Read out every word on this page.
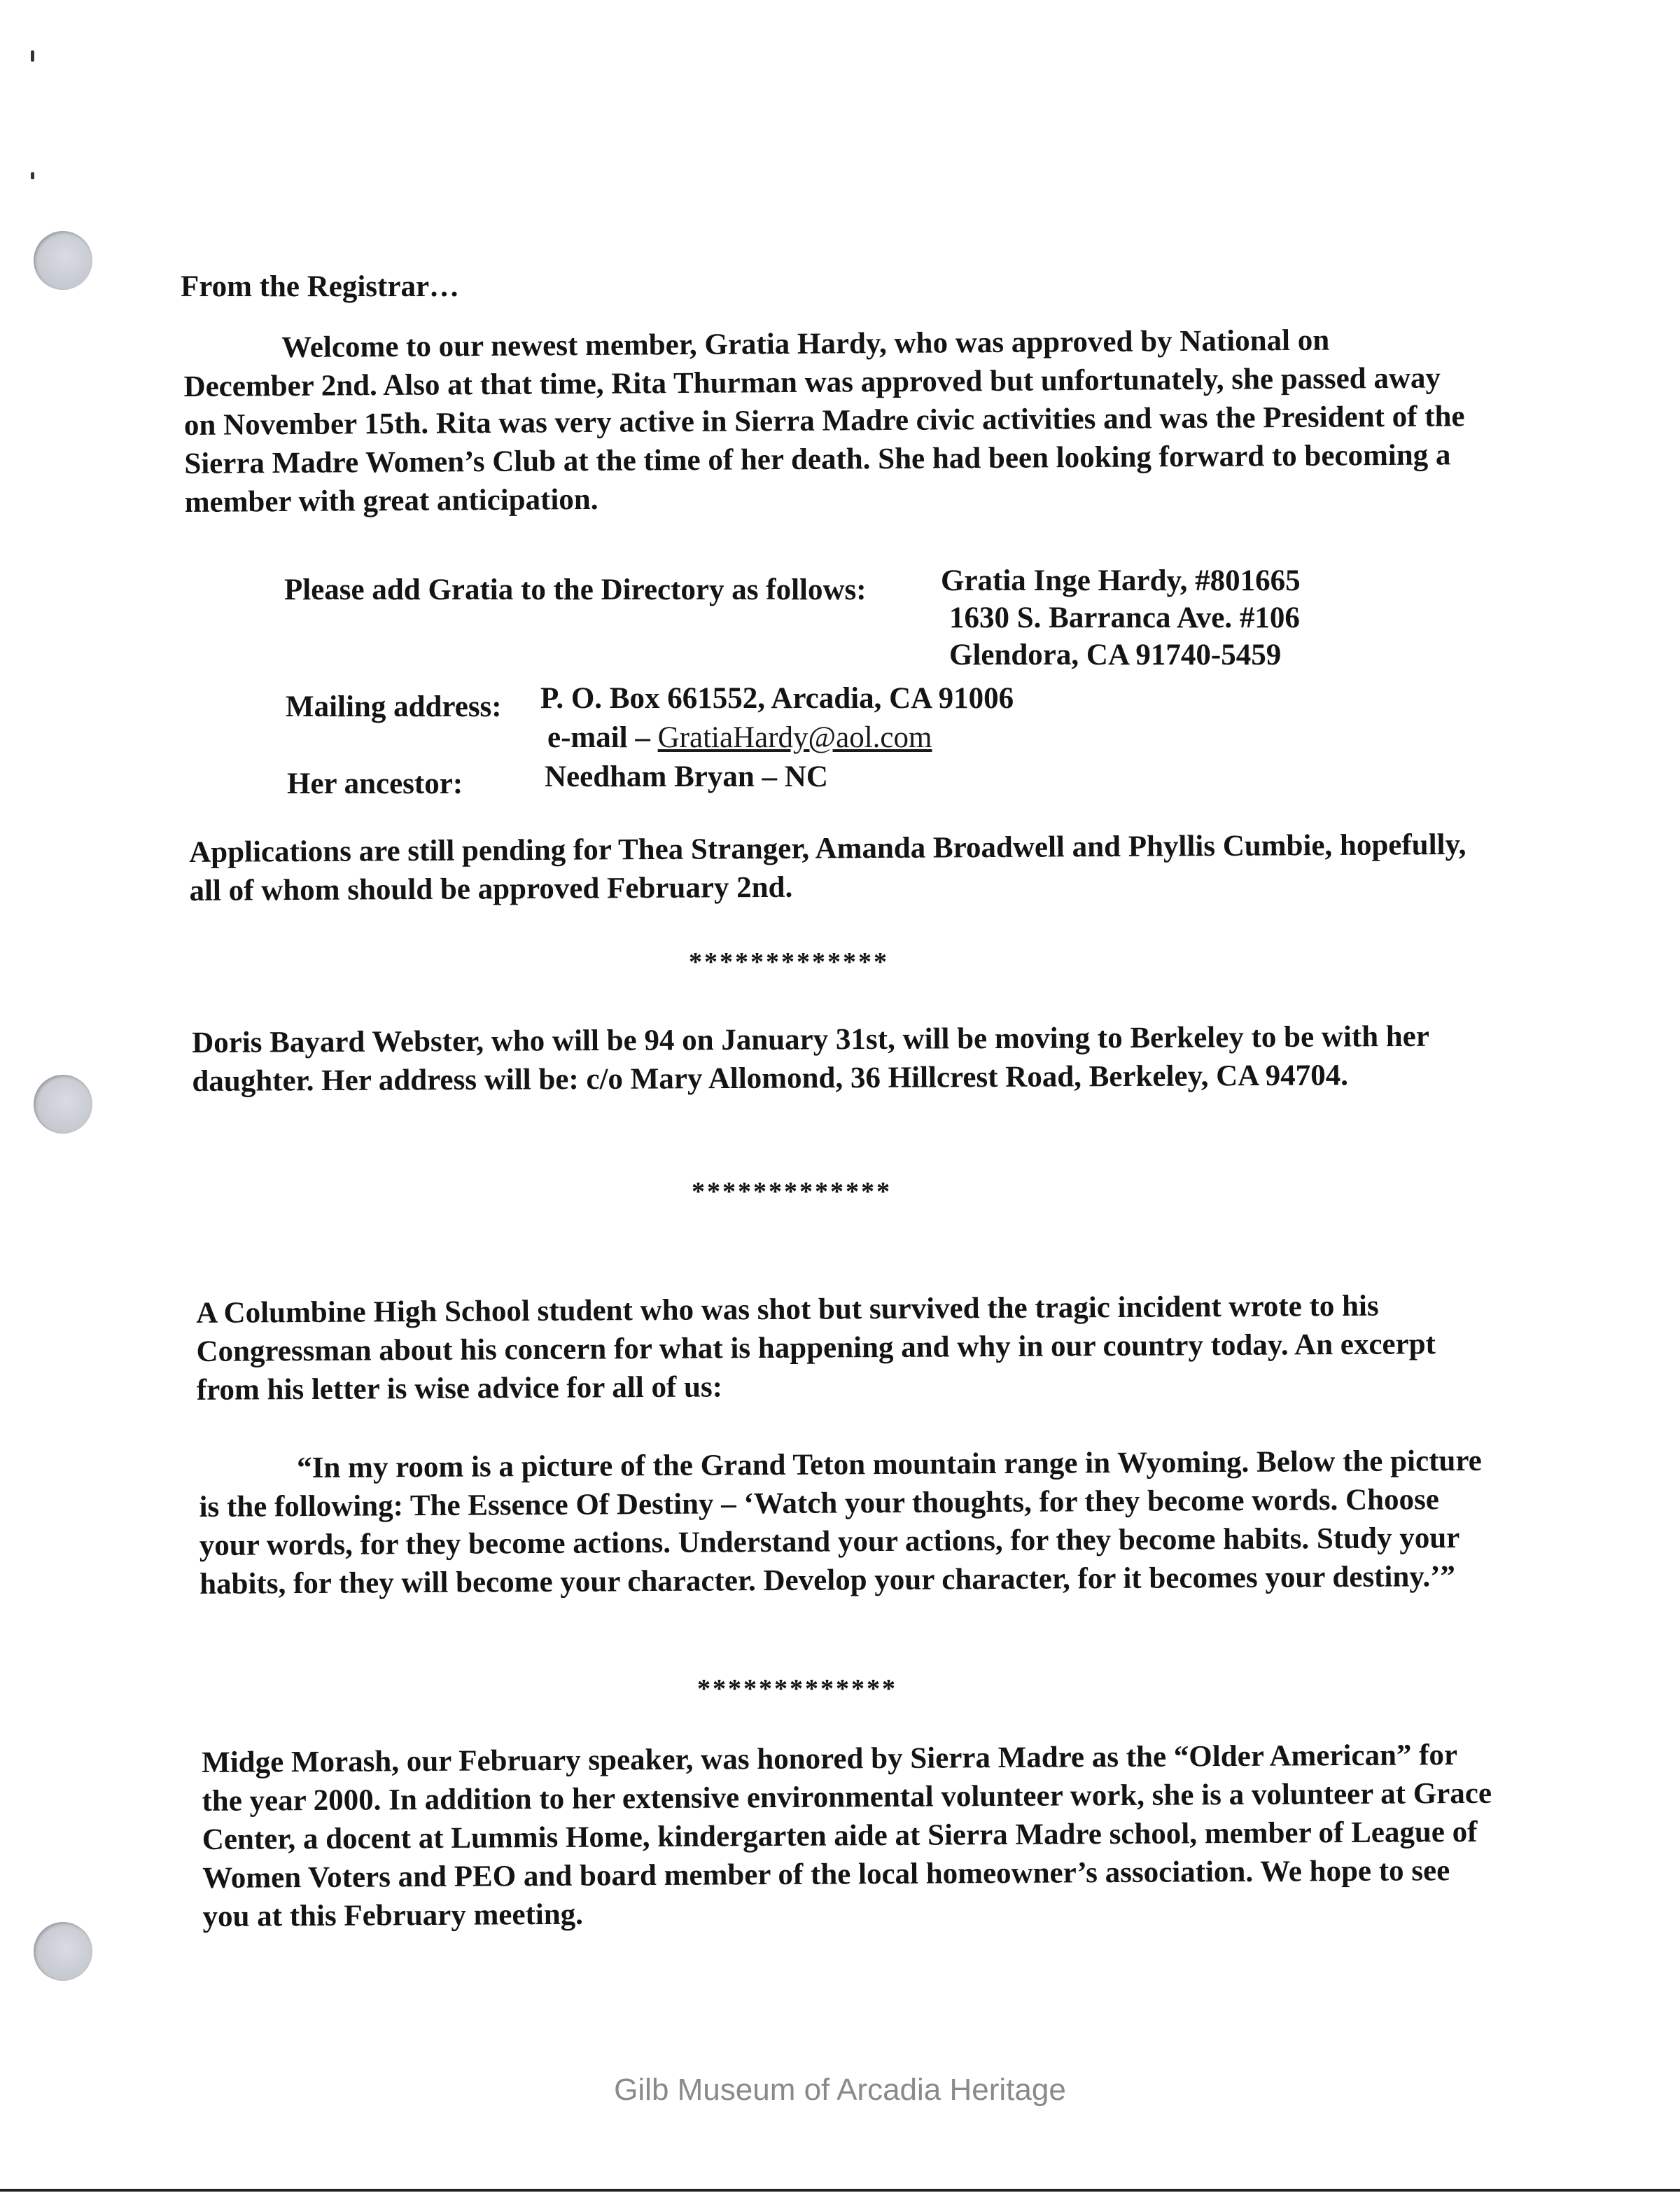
From the Registrar…
Welcome to our newest member, Gratia Hardy, who was approved by National on December 2nd. Also at that time, Rita Thurman was approved but unfortunately, she passed away on November 15th. Rita was very active in Sierra Madre civic activities and was the President of the Sierra Madre Women’s Club at the time of her death. She had been looking forward to becoming a member with great anticipation.
Please add Gratia to the Directory as follows: Gratia Inge Hardy, #801665
1630 S. Barranca Ave. #106
Glendora, CA 91740-5459
Mailing address: P. O. Box 661552, Arcadia, CA 91006
e-mail – GratiaHardy@aol.com
Her ancestor:	Needham Bryan – NC
Applications are still pending for Thea Stranger, Amanda Broadwell and Phyllis Cumbie, hopefully, all of whom should be approved February 2nd.
*************
Doris Bayard Webster, who will be 94 on January 31st, will be moving to Berkeley to be with her daughter. Her address will be: c/o Mary Allomond, 36 Hillcrest Road, Berkeley, CA 94704.
*************
A Columbine High School student who was shot but survived the tragic incident wrote to his Congressman about his concern for what is happening and why in our country today. An excerpt from his letter is wise advice for all of us:
“In my room is a picture of the Grand Teton mountain range in Wyoming. Below the picture is the following: The Essence Of Destiny – ‘Watch your thoughts, for they become words. Choose your words, for they become actions. Understand your actions, for they become habits. Study your habits, for they will become your character. Develop your character, for it becomes your destiny.’”
*************
Midge Morash, our February speaker, was honored by Sierra Madre as the “Older American” for the year 2000. In addition to her extensive environmental volunteer work, she is a volunteer at Grace Center, a docent at Lummis Home, kindergarten aide at Sierra Madre school, member of League of Women Voters and PEO and board member of the local homeowner’s association. We hope to see you at this February meeting.
Gilb Museum of Arcadia Heritage
